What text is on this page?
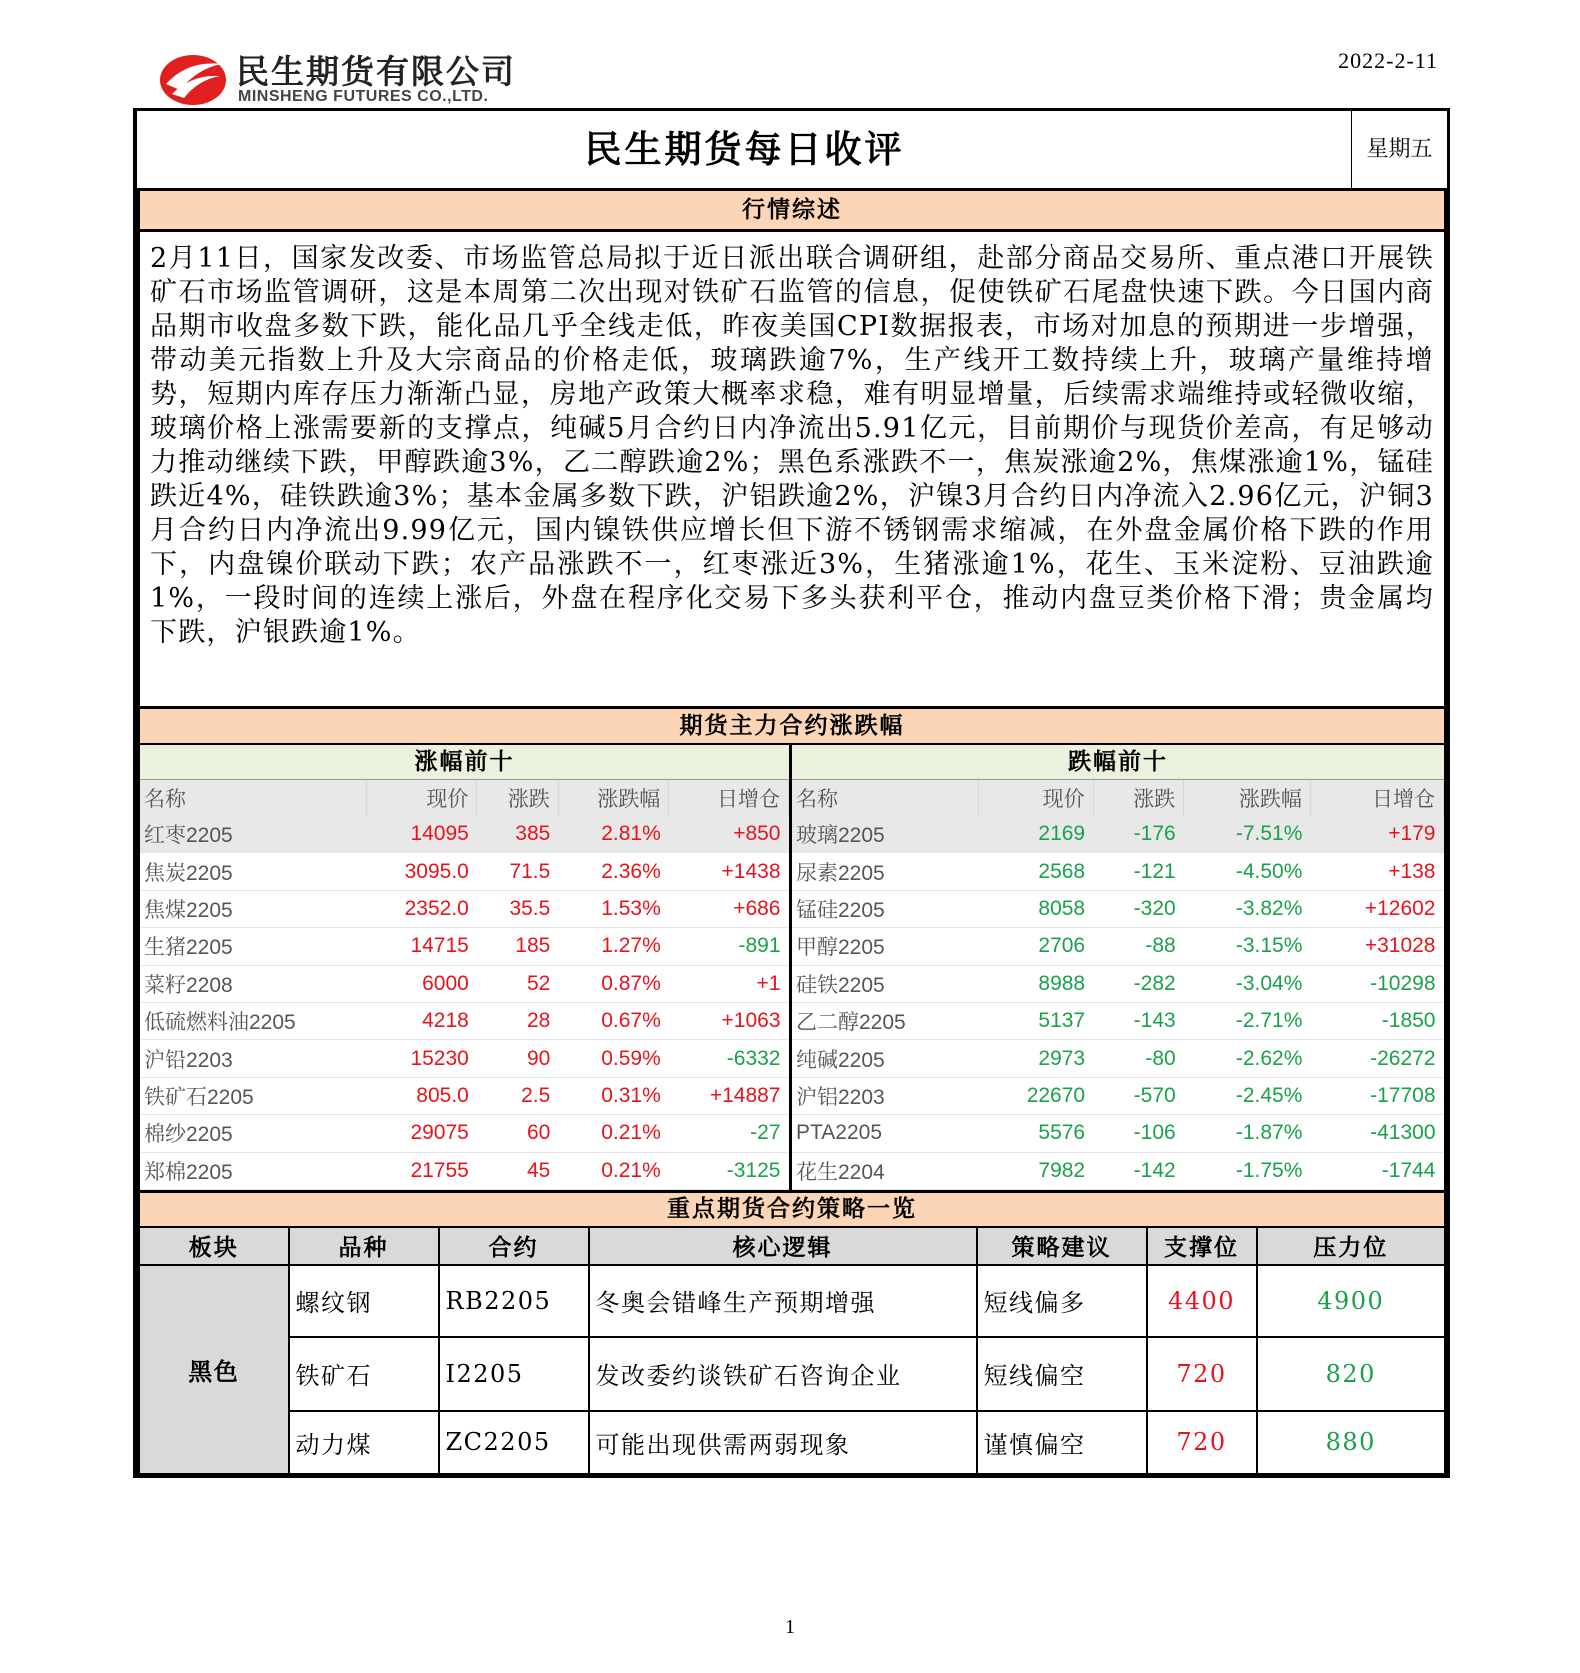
民生期货有限公司
MINSHENG FUTURES CO.,LTD.
2022-2-11
民生期货每日收评	星期五
行情综述
2月11日，国家发改委、市场监管总局拟于近日派出联合调研组，赴部分商品交易所、重点港口开展铁矿石市场监管调研，这是本周第二次出现对铁矿石监管的信息，促使铁矿石尾盘快速下跌。今日国内商品期市收盘多数下跌，能化品几乎全线走低，昨夜美国CPI数据报表，市场对加息的预期进一步增强，带动美元指数上升及大宗商品的价格走低，玻璃跌逾7%，生产线开工数持续上升，玻璃产量维持增势，短期内库存压力渐渐凸显，房地产政策大概率求稳，难有明显增量，后续需求端维持或轻微收缩，玻璃价格上涨需要新的支撑点，纯碱5月合约日内净流出5.91亿元，目前期价与现货价差高，有足够动力推动继续下跌，甲醇跌逾3%，乙二醇跌逾2%；黑色系涨跌不一，焦炭涨逾2%，焦煤涨逾1%，锰硅跌近4%，硅铁跌逾3%；基本金属多数下跌，沪铝跌逾2%，沪镍3月合约日内净流入2.96亿元，沪铜3月合约日内净流出9.99亿元，国内镍铁供应增长但下游不锈钢需求缩减，在外盘金属价格下跌的作用下，内盘镍价联动下跌；农产品涨跌不一，红枣涨近3%，生猪涨逾1%，花生、玉米淀粉、豆油跌逾1%，一段时间的连续上涨后，外盘在程序化交易下多头获利平仓，推动内盘豆类价格下滑；贵金属均下跌，沪银跌逾1%。
期货主力合约涨跌幅
涨幅前十
名称	现价	涨跌	涨跌幅	日增仓
红枣2205	14095	385	2.81%	+850
焦炭2205	3095.0	71.5	2.36%	+1438
焦煤2205	2352.0	35.5	1.53%	+686
生猪2205	14715	185	1.27%	-891
菜籽2208	6000	52	0.87%	+1
低硫燃料油2205	4218	28	0.67%	+1063
沪铅2203	15230	90	0.59%	-6332
铁矿石2205	805.0	2.5	0.31%	+14887
棉纱2205	29075	60	0.21%	-27
郑棉2205	21755	45	0.21%	-3125
跌幅前十
名称	现价	涨跌	涨跌幅	日增仓
玻璃2205	2169	-176	-7.51%	+179
尿素2205	2568	-121	-4.50%	+138
锰硅2205	8058	-320	-3.82%	+12602
甲醇2205	2706	-88	-3.15%	+31028
硅铁2205	8988	-282	-3.04%	-10298
乙二醇2205	5137	-143	-2.71%	-1850
纯碱2205	2973	-80	-2.62%	-26272
沪铝2203	22670	-570	-2.45%	-17708
PTA2205	5576	-106	-1.87%	-41300
花生2204	7982	-142	-1.75%	-1744
重点期货合约策略一览
板块	品种	合约	核心逻辑	策略建议	支撑位	压力位
黑色	螺纹钢	RB2205	冬奥会错峰生产预期增强	短线偏多	4400	4900
	铁矿石	I2205	发改委约谈铁矿石咨询企业	短线偏空	720	820
	动力煤	ZC2205	可能出现供需两弱现象	谨慎偏空	720	880
1
